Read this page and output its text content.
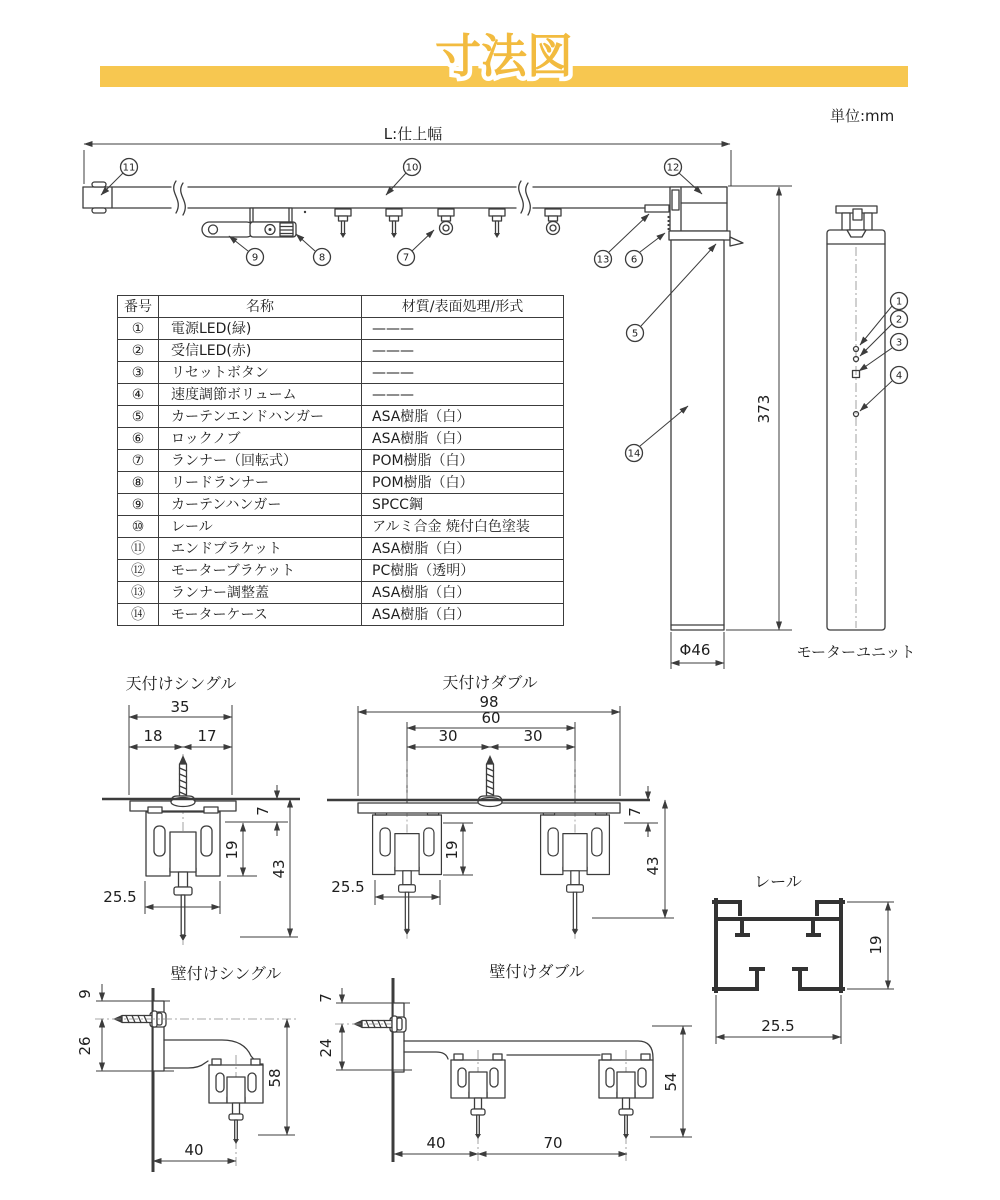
寸法図
単位:mm
L:仕上幅
373
Φ46	モーターユニット
11	10	12
9	8	7	13 6
5
14
1
2
3
4
天付けシングル
35
18 17
7
19
43
25.5
天付けダブル
98
60
30	30
7
43
19
25.5
壁付けシングル
9
26
58
40
壁付けダブル
7
24
54
40	70
レール
19
25.5
番号	名称	材質/表面処理/形式
①	電源LED(緑)	———
②	受信LED(赤)	———
③	リセットボタン	———
④	速度調節ボリューム	———
⑤	カーテンエンドハンガー	ASA樹脂（白）
⑥	ロックノブ	ASA樹脂（白）
⑦	ランナー（回転式）	POM樹脂（白）
⑧	リードランナー	POM樹脂（白）
⑨	カーテンハンガー	SPCC鋼
⑩	レール	アルミ合金 焼付白色塗装
⑪	エンドブラケット	ASA樹脂（白）
⑫	モーターブラケット	PC樹脂（透明）
⑬	ランナー調整蓋	ASA樹脂（白）
⑭	モーターケース	ASA樹脂（白）
